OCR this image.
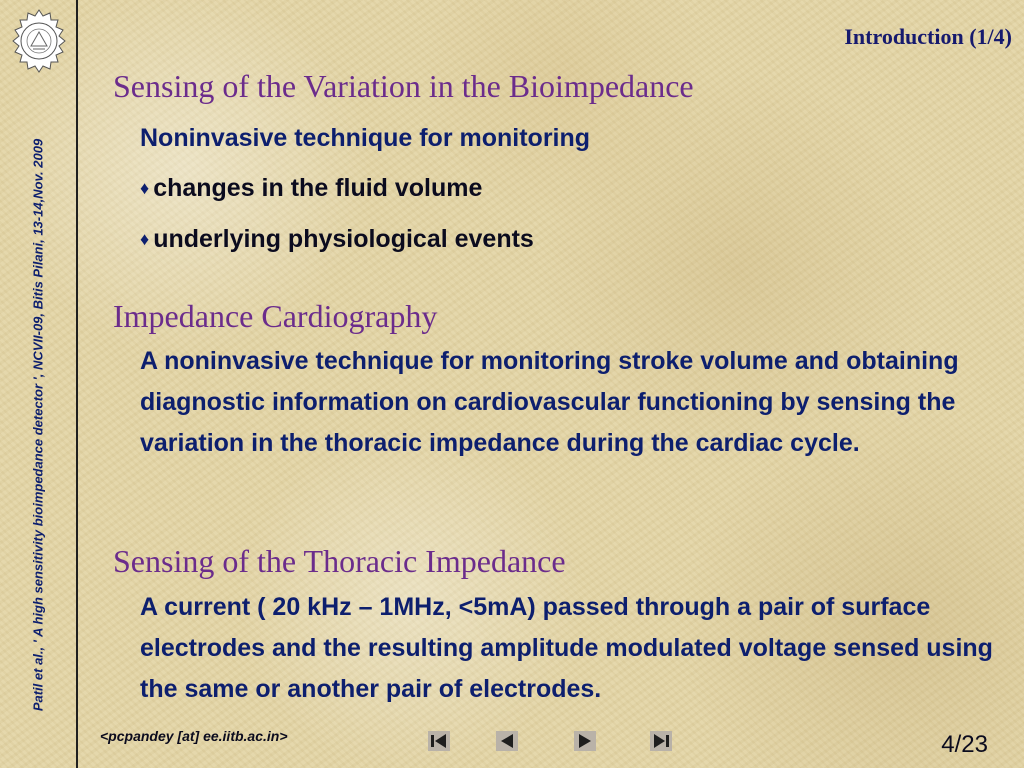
Patil et al., ' A high sensitivity bioimpedance detector ', NCVII-09, Bitis Pilani, 13-14,Nov. 2009
Introduction (1/4)
Sensing of the Variation in the Bioimpedance
Noninvasive technique for monitoring
♦ changes in the fluid volume
♦ underlying physiological events
Impedance Cardiography
A noninvasive technique for monitoring stroke volume and obtaining diagnostic information on cardiovascular functioning by sensing the variation in the thoracic impedance during the cardiac cycle.
Sensing of the Thoracic Impedance
A current ( 20 kHz – 1MHz, <5mA) passed through a pair of surface electrodes and the resulting amplitude modulated voltage sensed using the same or another pair of electrodes.
<pcpandey [at] ee.iitb.ac.in>	4/23
